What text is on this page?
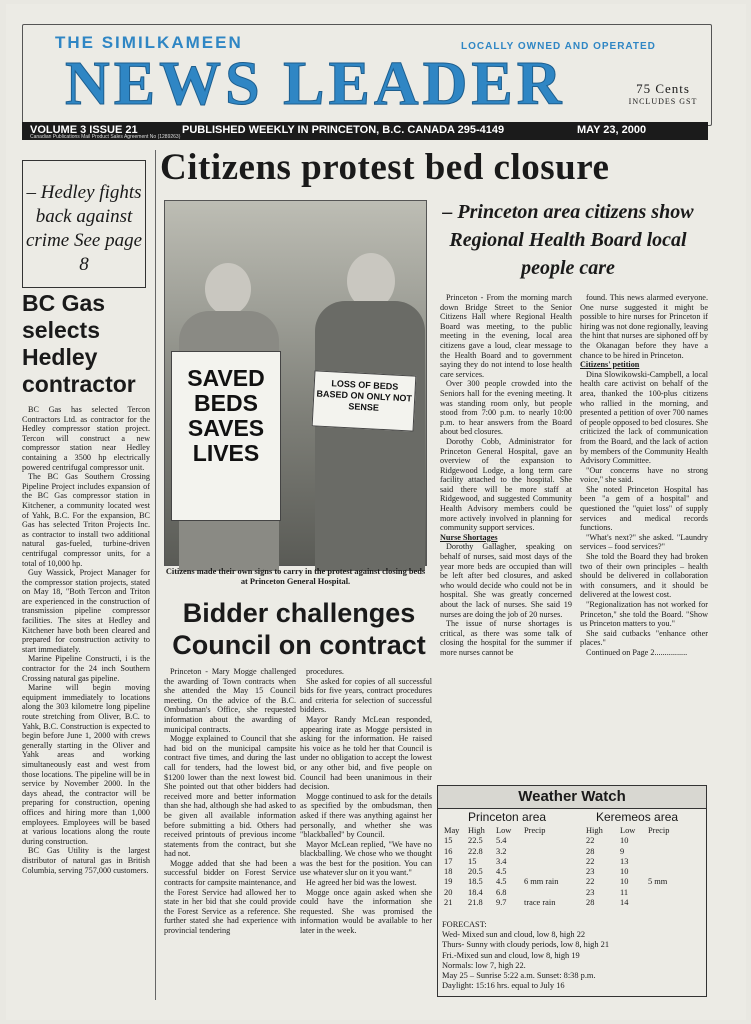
THE SIMILKAMEEN	LOCALLY OWNED AND OPERATED
NEWS LEADER	75 Cents
INCLUDES GST
VOLUME 3 ISSUE 21	PUBLISHED WEEKLY IN PRINCETON, B.C. CANADA 295-4149	MAY 23, 2000
Canadian Publications Mail Product Sales Agreement No (1289263)
– Hedley fights back against crime See page 8
BC Gas selects Hedley contractor

BC Gas has selected Tercon Contractors Ltd. as contractor for the Hedley compressor station project. Tercon will construct a new compressor station near Hedley containing a 3500 hp electrically powered centrifugal compressor unit.

The BC Gas Southern Crossing Pipeline Project includes expansion of the BC Gas compressor station in Kitchener, a community located west of Yahk, B.C. For the expansion, BC Gas has selected Triton Projects Inc. as contractor to install two additional natural gas-fueled, turbine-driven centrifugal compressor units, for a total of 10,000 hp.

Guy Wassick, Project Manager for the compressor station projects, stated on May 18, "Both Tercon and Triton are experienced in the construction of transmission pipeline compressor facilities. The sites at Hedley and Kitchener have both been cleared and prepared for construction activity to start immediately.

Marine Pipeline Constructi, i is the contractor for the 24 inch Southern Crossing natural gas pipeline.

Marine will begin moving equipment immediately to locations along the 303 kilometre long pipeline route stretching from Oliver, B.C. to Yahk, B.C. Construction is expected to begin before June 1, 2000 with crews generally starting in the Oliver and Yahk areas and working simultaneously east and west from those locations. The pipeline will be in service by November 2000. In the days ahead, the contractor will be preparing for construction, opening offices and hiring more than 1,000 employees. Employees will be based at various locations along the route during construction.

BC Gas Utility is the largest distributor of natural gas in British Columbia, serving 757,000 customers.

Citizens protest bed closure
SAVED BEDS SAVES LIVES
LOSS OF BEDS BASED ON ONLY NOT SENSE
Citizens made their own signs to carry in the protest against closing beds at Princeton General Hospital.
– Princeton area citizens show Regional Health Board local people care

Princeton - From the morning march down Bridge Street to the Senior Citizens Hall where Regional Health Board was meeting, to the public meeting in the evening, local area citizens gave a loud, clear message to the Health Board and to government saying they do not intend to lose health care services.

Over 300 people crowded into the Seniors hall for the evening meeting. It was standing room only, but people stood from 7:00 p.m. to nearly 10:00 p.m. to hear answers from the Board about bed closures.

Dorothy Cobb, Administrator for Princeton General Hospital, gave an overview of the expansion to Ridgewood Lodge, a long term care facility attached to the hospital. She said there will be more staff at Ridgewood, and suggested Community Health Advisory members could be more actively involved in planning for community support services.

Nurse Shortages

Dorothy Gallagher, speaking on behalf of nurses, said most days of the year more beds are occupied than will be left after bed closures, and asked who would decide who could not be in hospital. She was greatly concerned about the lack of nurses. She said 19 nurses are doing the job of 20 nurses.

The issue of nurse shortages is critical, as there was some talk of closing the hospital for the summer if more nurses cannot be

found. This news alarmed everyone. One nurse suggested it might be possible to hire nurses for Princeton if hiring was not done regionally, leaving the hint that nurses are siphoned off by the Okanagan before they have a chance to be hired in Princeton.

Citizens' petition

Dina Slowikowski-Campbell, a local health care activist on behalf of the area, thanked the 100-plus citizens who rallied in the morning, and presented a petition of over 700 names of people opposed to bed closures. She criticized the lack of communication from the Board, and the lack of action by members of the Community Health Advisory Committee.

"Our concerns have no strong voice," she said.

She noted Princeton Hospital has been "a gem of a hospital" and questioned the "quiet loss" of supply services and medical records functions.

"What's next?" she asked. "Laundry services – food services?"

She told the Board they had broken two of their own principles – health should be delivered in collaboration with consumers, and it should be delivered at the lowest cost.

"Regionalization has not worked for Princeton," she told the Board. "Show us Princeton matters to you."

She said cutbacks "enhance other places."

Continued on Page 2................

Bidder challenges Council on contract

Princeton - Mary Mogge challenged the awarding of Town contracts when she attended the May 15 Council meeting. On the advice of the B.C. Ombudsman's Office, she requested information about the awarding of municipal contracts.

Mogge explained to Council that she had bid on the municipal campsite contract five times, and during the last call for tenders, had the lowest bid, $1200 lower than the next lowest bid. She pointed out that other bidders had received more and better information than she had, although she had asked to be given all available information before submitting a bid. Others had received printouts of previous income statements from the contract, but she had not.

Mogge added that she had been a successful bidder on Forest Service contracts for campsite maintenance, and the Forest Service had allowed her to state in her bid that she could provide the Forest Service as a reference. She further stated she had experience with provincial tendering

procedures.

She asked for copies of all successful bids for five years, contract procedures and criteria for selection of successful bidders.

Mayor Randy McLean responded, appearing irate as Mogge persisted in asking for the information. He raised his voice as he told her that Council is under no obligation to accept the lowest or any other bid, and five people on Council had been unanimous in their decision.

Mogge continued to ask for the details as specified by the ombudsman, then asked if there was anything against her personally, and whether she was "blackballed" by Council.

Mayor McLean replied, "We have no blackballing. We chose who we thought was the best for the position. You can use whatever slur on it you want."

He agreed her bid was the lowest.

Mogge once again asked when she could have the information she requested. She was promised the information would be available to her later in the week.

Weather Watch
Princeton area	Keremeos area
May	High	Low	Precip	High	Low	Precip
15	22.5	5.4		22	10	
16	22.8	3.2		28	9	
17	15	3.4		22	13	
18	20.5	4.5		23	10	
19	18.5	4.5	6 mm rain	22	10	5 mm
20	18.4	6.8		23	11	
21	21.8	9.7	trace rain	28	14	
FORECAST:
Wed- Mixed sun and cloud, low 8, high 22
Thurs- Sunny with cloudy periods, low 8, high 21
Fri.-Mixed sun and cloud, low 8, high 19
Normals: low 7, high 22.
May 25 – Sunrise 5:22 a.m. Sunset: 8:38 p.m.
Daylight: 15:16 hrs. equal to July 16
